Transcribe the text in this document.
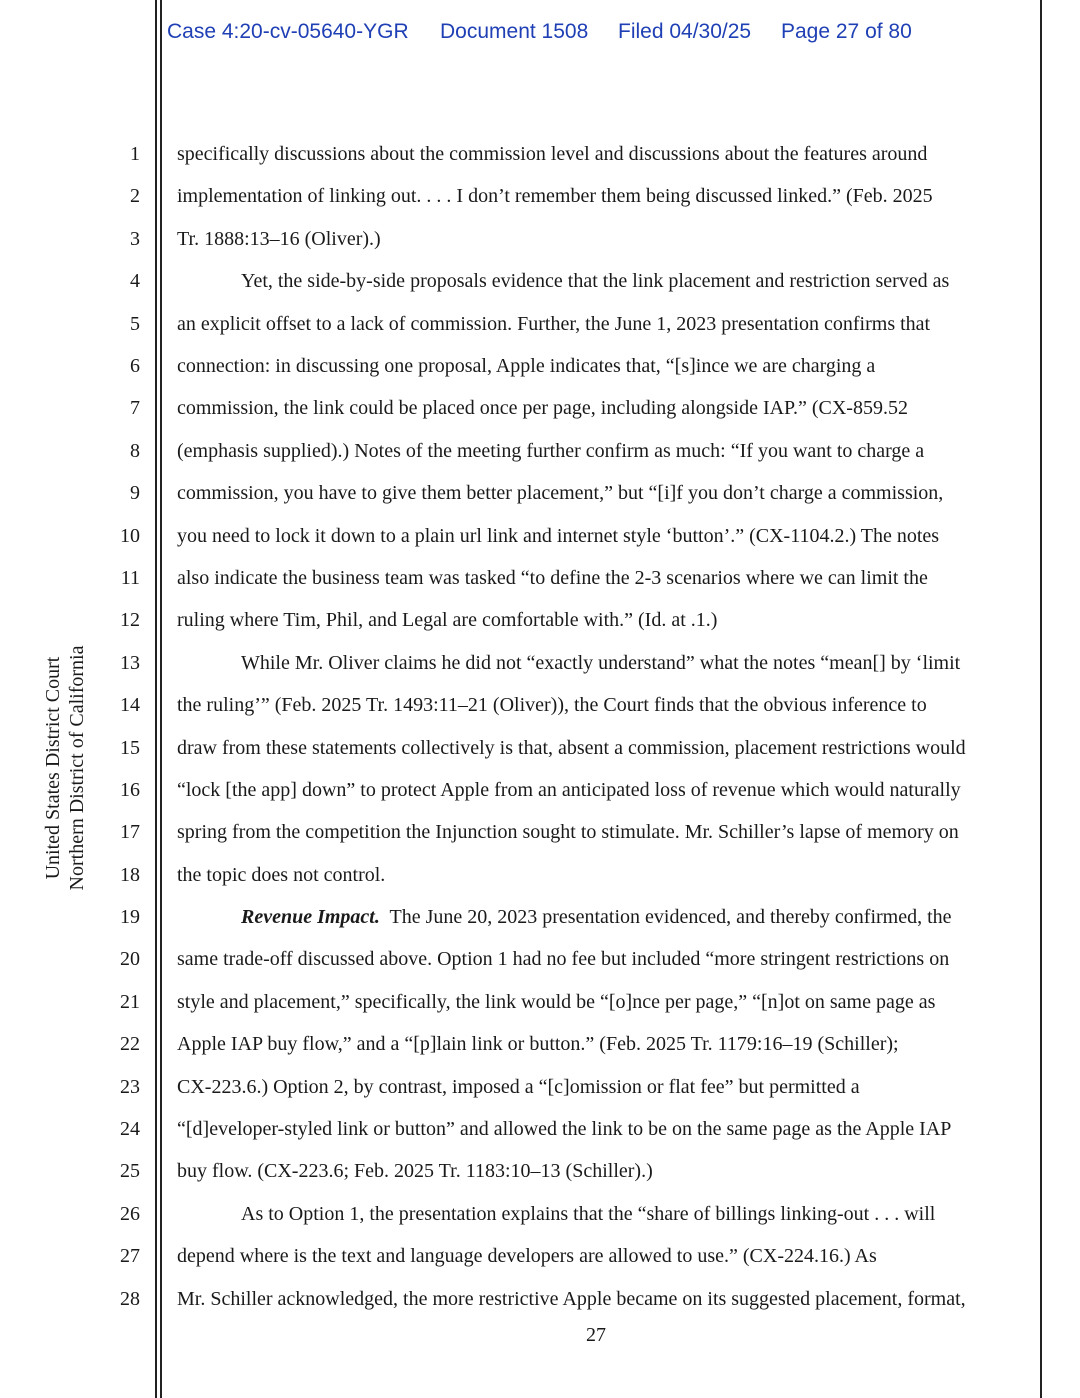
Case 4:20-cv-05640-YGR Document 1508 Filed 04/30/25 Page 27 of 80
United States District Court Northern District of California
1
2
3
4
5
6
7
8
9
10
11
12
13
14
15
16
17
18
19
20
21
22
23
24
25
26
27
28
specifically discussions about the commission level and discussions about the features around
implementation of linking out. . . . I don’t remember them being discussed linked.” (Feb. 2025
Tr. 1888:13–16 (Oliver).)
Yet, the side-by-side proposals evidence that the link placement and restriction served as
an explicit offset to a lack of commission. Further, the June 1, 2023 presentation confirms that
connection: in discussing one proposal, Apple indicates that, “[s]ince we are charging a
commission, the link could be placed once per page, including alongside IAP.” (CX-859.52
(emphasis supplied).) Notes of the meeting further confirm as much: “If you want to charge a
commission, you have to give them better placement,” but “[i]f you don’t charge a commission,
you need to lock it down to a plain url link and internet style ‘button’.” (CX-1104.2.) The notes
also indicate the business team was tasked “to define the 2-3 scenarios where we can limit the
ruling where Tim, Phil, and Legal are comfortable with.” (Id. at .1.)
While Mr. Oliver claims he did not “exactly understand” what the notes “mean[] by ‘limit
the ruling’” (Feb. 2025 Tr. 1493:11–21 (Oliver)), the Court finds that the obvious inference to
draw from these statements collectively is that, absent a commission, placement restrictions would
“lock [the app] down” to protect Apple from an anticipated loss of revenue which would naturally
spring from the competition the Injunction sought to stimulate. Mr. Schiller’s lapse of memory on
the topic does not control.
Revenue Impact. The June 20, 2023 presentation evidenced, and thereby confirmed, the
same trade-off discussed above. Option 1 had no fee but included “more stringent restrictions on
style and placement,” specifically, the link would be “[o]nce per page,” “[n]ot on same page as
Apple IAP buy flow,” and a “[p]lain link or button.” (Feb. 2025 Tr. 1179:16–19 (Schiller);
CX-223.6.) Option 2, by contrast, imposed a “[c]omission or flat fee” but permitted a
“[d]eveloper-styled link or button” and allowed the link to be on the same page as the Apple IAP
buy flow. (CX-223.6; Feb. 2025 Tr. 1183:10–13 (Schiller).)
As to Option 1, the presentation explains that the “share of billings linking-out . . . will
depend where is the text and language developers are allowed to use.” (CX-224.16.) As
Mr. Schiller acknowledged, the more restrictive Apple became on its suggested placement, format,
27
